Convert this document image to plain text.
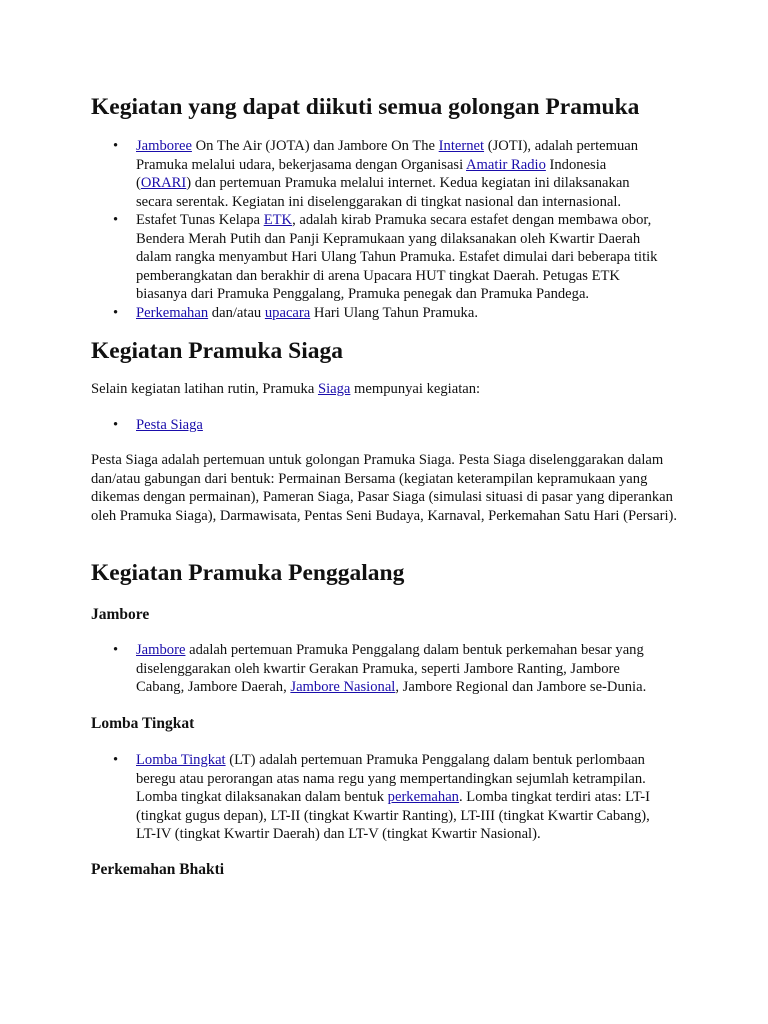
Kegiatan yang dapat diikuti semua golongan Pramuka
• Jamboree On The Air (JOTA) dan Jambore On The Internet (JOTI), adalah pertemuan Pramuka melalui udara, bekerjasama dengan Organisasi Amatir Radio Indonesia (ORARI) dan pertemuan Pramuka melalui internet. Kedua kegiatan ini dilaksanakan secara serentak. Kegiatan ini diselenggarakan di tingkat nasional dan internasional.
• Estafet Tunas Kelapa ETK, adalah kirab Pramuka secara estafet dengan membawa obor, Bendera Merah Putih dan Panji Kepramukaan yang dilaksanakan oleh Kwartir Daerah dalam rangka menyambut Hari Ulang Tahun Pramuka. Estafet dimulai dari beberapa titik pemberangkatan dan berakhir di arena Upacara HUT tingkat Daerah. Petugas ETK biasanya dari Pramuka Penggalang, Pramuka penegak dan Pramuka Pandega.
• Perkemahan dan/atau upacara Hari Ulang Tahun Pramuka.
Kegiatan Pramuka Siaga

Selain kegiatan latihan rutin, Pramuka Siaga mempunyai kegiatan:

• Pesta Siaga

Pesta Siaga adalah pertemuan untuk golongan Pramuka Siaga. Pesta Siaga diselenggarakan dalam dan/atau gabungan dari bentuk: Permainan Bersama (kegiatan keterampilan kepramukaan yang dikemas dengan permainan), Pameran Siaga, Pasar Siaga (simulasi situasi di pasar yang diperankan oleh Pramuka Siaga), Darmawisata, Pentas Seni Budaya, Karnaval, Perkemahan Satu Hari (Persari).

Kegiatan Pramuka Penggalang
Jambore
• Jambore adalah pertemuan Pramuka Penggalang dalam bentuk perkemahan besar yang diselenggarakan oleh kwartir Gerakan Pramuka, seperti Jambore Ranting, Jambore Cabang, Jambore Daerah, Jambore Nasional, Jambore Regional dan Jambore se-Dunia.
Lomba Tingkat
• Lomba Tingkat (LT) adalah pertemuan Pramuka Penggalang dalam bentuk perlombaan beregu atau perorangan atas nama regu yang mempertandingkan sejumlah ketrampilan. Lomba tingkat dilaksanakan dalam bentuk perkemahan. Lomba tingkat terdiri atas: LT-I (tingkat gugus depan), LT-II (tingkat Kwartir Ranting), LT-III (tingkat Kwartir Cabang), LT-IV (tingkat Kwartir Daerah) dan LT-V (tingkat Kwartir Nasional).
Perkemahan Bhakti
